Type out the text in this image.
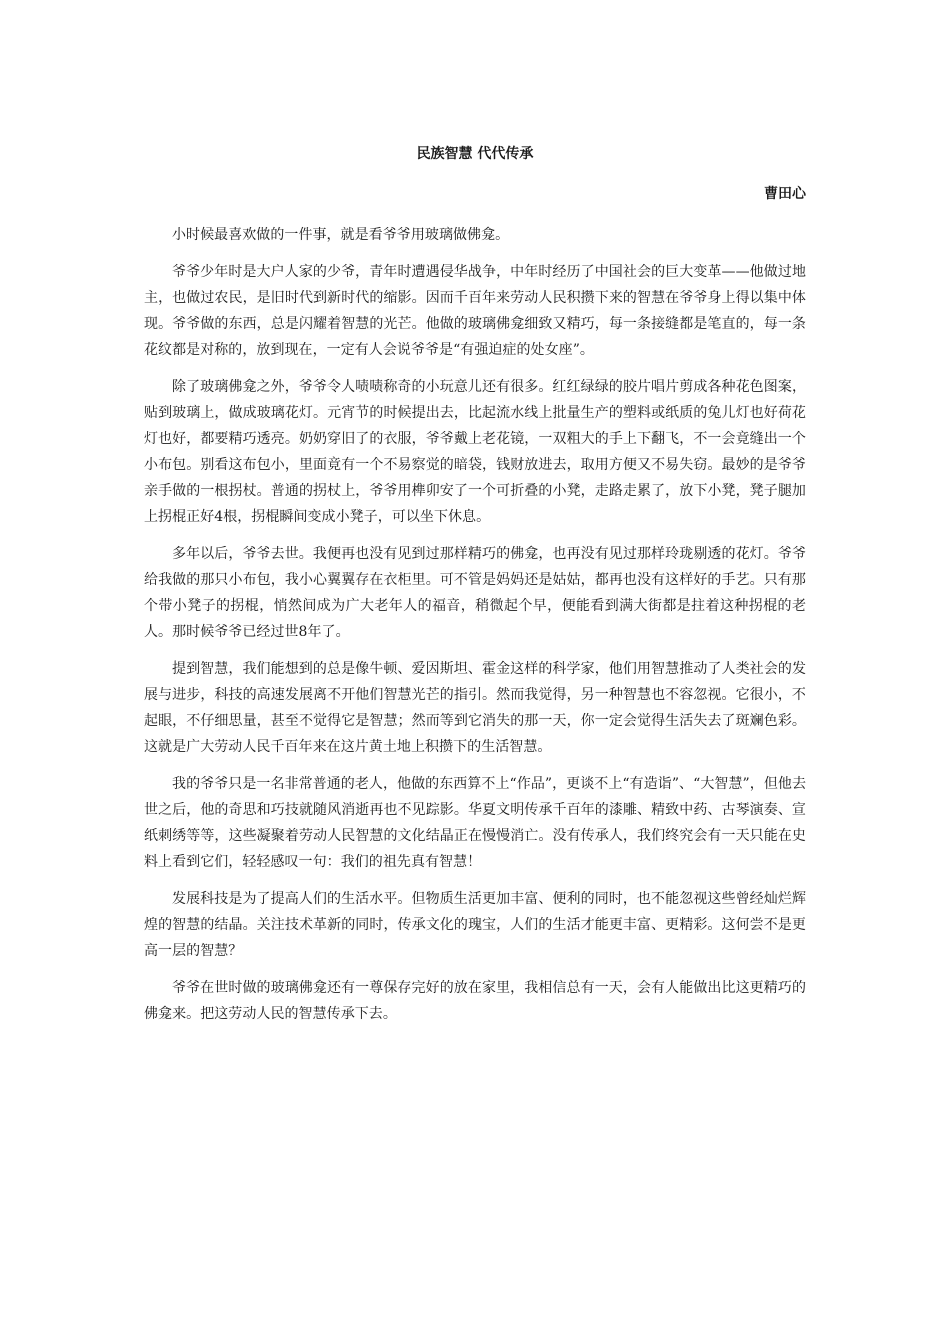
民族智慧 代代传承
曹田心

小时候最喜欢做的一件事，就是看爷爷用玻璃做佛龛。

爷爷少年时是大户人家的少爷，青年时遭遇侵华战争，中年时经历了中国社会的巨大变革——他做过地主，也做过农民，是旧时代到新时代的缩影。因而千百年来劳动人民积攒下来的智慧在爷爷身上得以集中体现。爷爷做的东西，总是闪耀着智慧的光芒。他做的玻璃佛龛细致又精巧，每一条接缝都是笔直的，每一条花纹都是对称的，放到现在，一定有人会说爷爷是“有强迫症的处女座”。

除了玻璃佛龛之外，爷爷令人啧啧称奇的小玩意儿还有很多。红红绿绿的胶片唱片剪成各种花色图案，贴到玻璃上，做成玻璃花灯。元宵节的时候提出去，比起流水线上批量生产的塑料或纸质的兔儿灯也好荷花灯也好，都要精巧透亮。奶奶穿旧了的衣服，爷爷戴上老花镜，一双粗大的手上下翻飞，不一会竟缝出一个小布包。别看这布包小，里面竟有一个不易察觉的暗袋，钱财放进去，取用方便又不易失窃。最妙的是爷爷亲手做的一根拐杖。普通的拐杖上，爷爷用榫卯安了一个可折叠的小凳，走路走累了，放下小凳，凳子腿加上拐棍正好4根，拐棍瞬间变成小凳子，可以坐下休息。

多年以后，爷爷去世。我便再也没有见到过那样精巧的佛龛，也再没有见过那样玲珑剔透的花灯。爷爷给我做的那只小布包，我小心翼翼存在衣柜里。可不管是妈妈还是姑姑，都再也没有这样好的手艺。只有那个带小凳子的拐棍，悄然间成为广大老年人的福音，稍微起个早，便能看到满大街都是拄着这种拐棍的老人。那时候爷爷已经过世8年了。

提到智慧，我们能想到的总是像牛顿、爱因斯坦、霍金这样的科学家，他们用智慧推动了人类社会的发展与进步，科技的高速发展离不开他们智慧光芒的指引。然而我觉得，另一种智慧也不容忽视。它很小，不起眼，不仔细思量，甚至不觉得它是智慧；然而等到它消失的那一天，你一定会觉得生活失去了斑斓色彩。这就是广大劳动人民千百年来在这片黄土地上积攒下的生活智慧。

我的爷爷只是一名非常普通的老人，他做的东西算不上“作品”，更谈不上“有造诣”、“大智慧”，但他去世之后，他的奇思和巧技就随风消逝再也不见踪影。华夏文明传承千百年的漆雕、精致中药、古琴演奏、宣纸刺绣等等，这些凝聚着劳动人民智慧的文化结晶正在慢慢消亡。没有传承人，我们终究会有一天只能在史料上看到它们，轻轻感叹一句：我们的祖先真有智慧！

发展科技是为了提高人们的生活水平。但物质生活更加丰富、便利的同时，也不能忽视这些曾经灿烂辉煌的智慧的结晶。关注技术革新的同时，传承文化的瑰宝，人们的生活才能更丰富、更精彩。这何尝不是更高一层的智慧？

爷爷在世时做的玻璃佛龛还有一尊保存完好的放在家里，我相信总有一天，会有人能做出比这更精巧的佛龛来。把这劳动人民的智慧传承下去。
